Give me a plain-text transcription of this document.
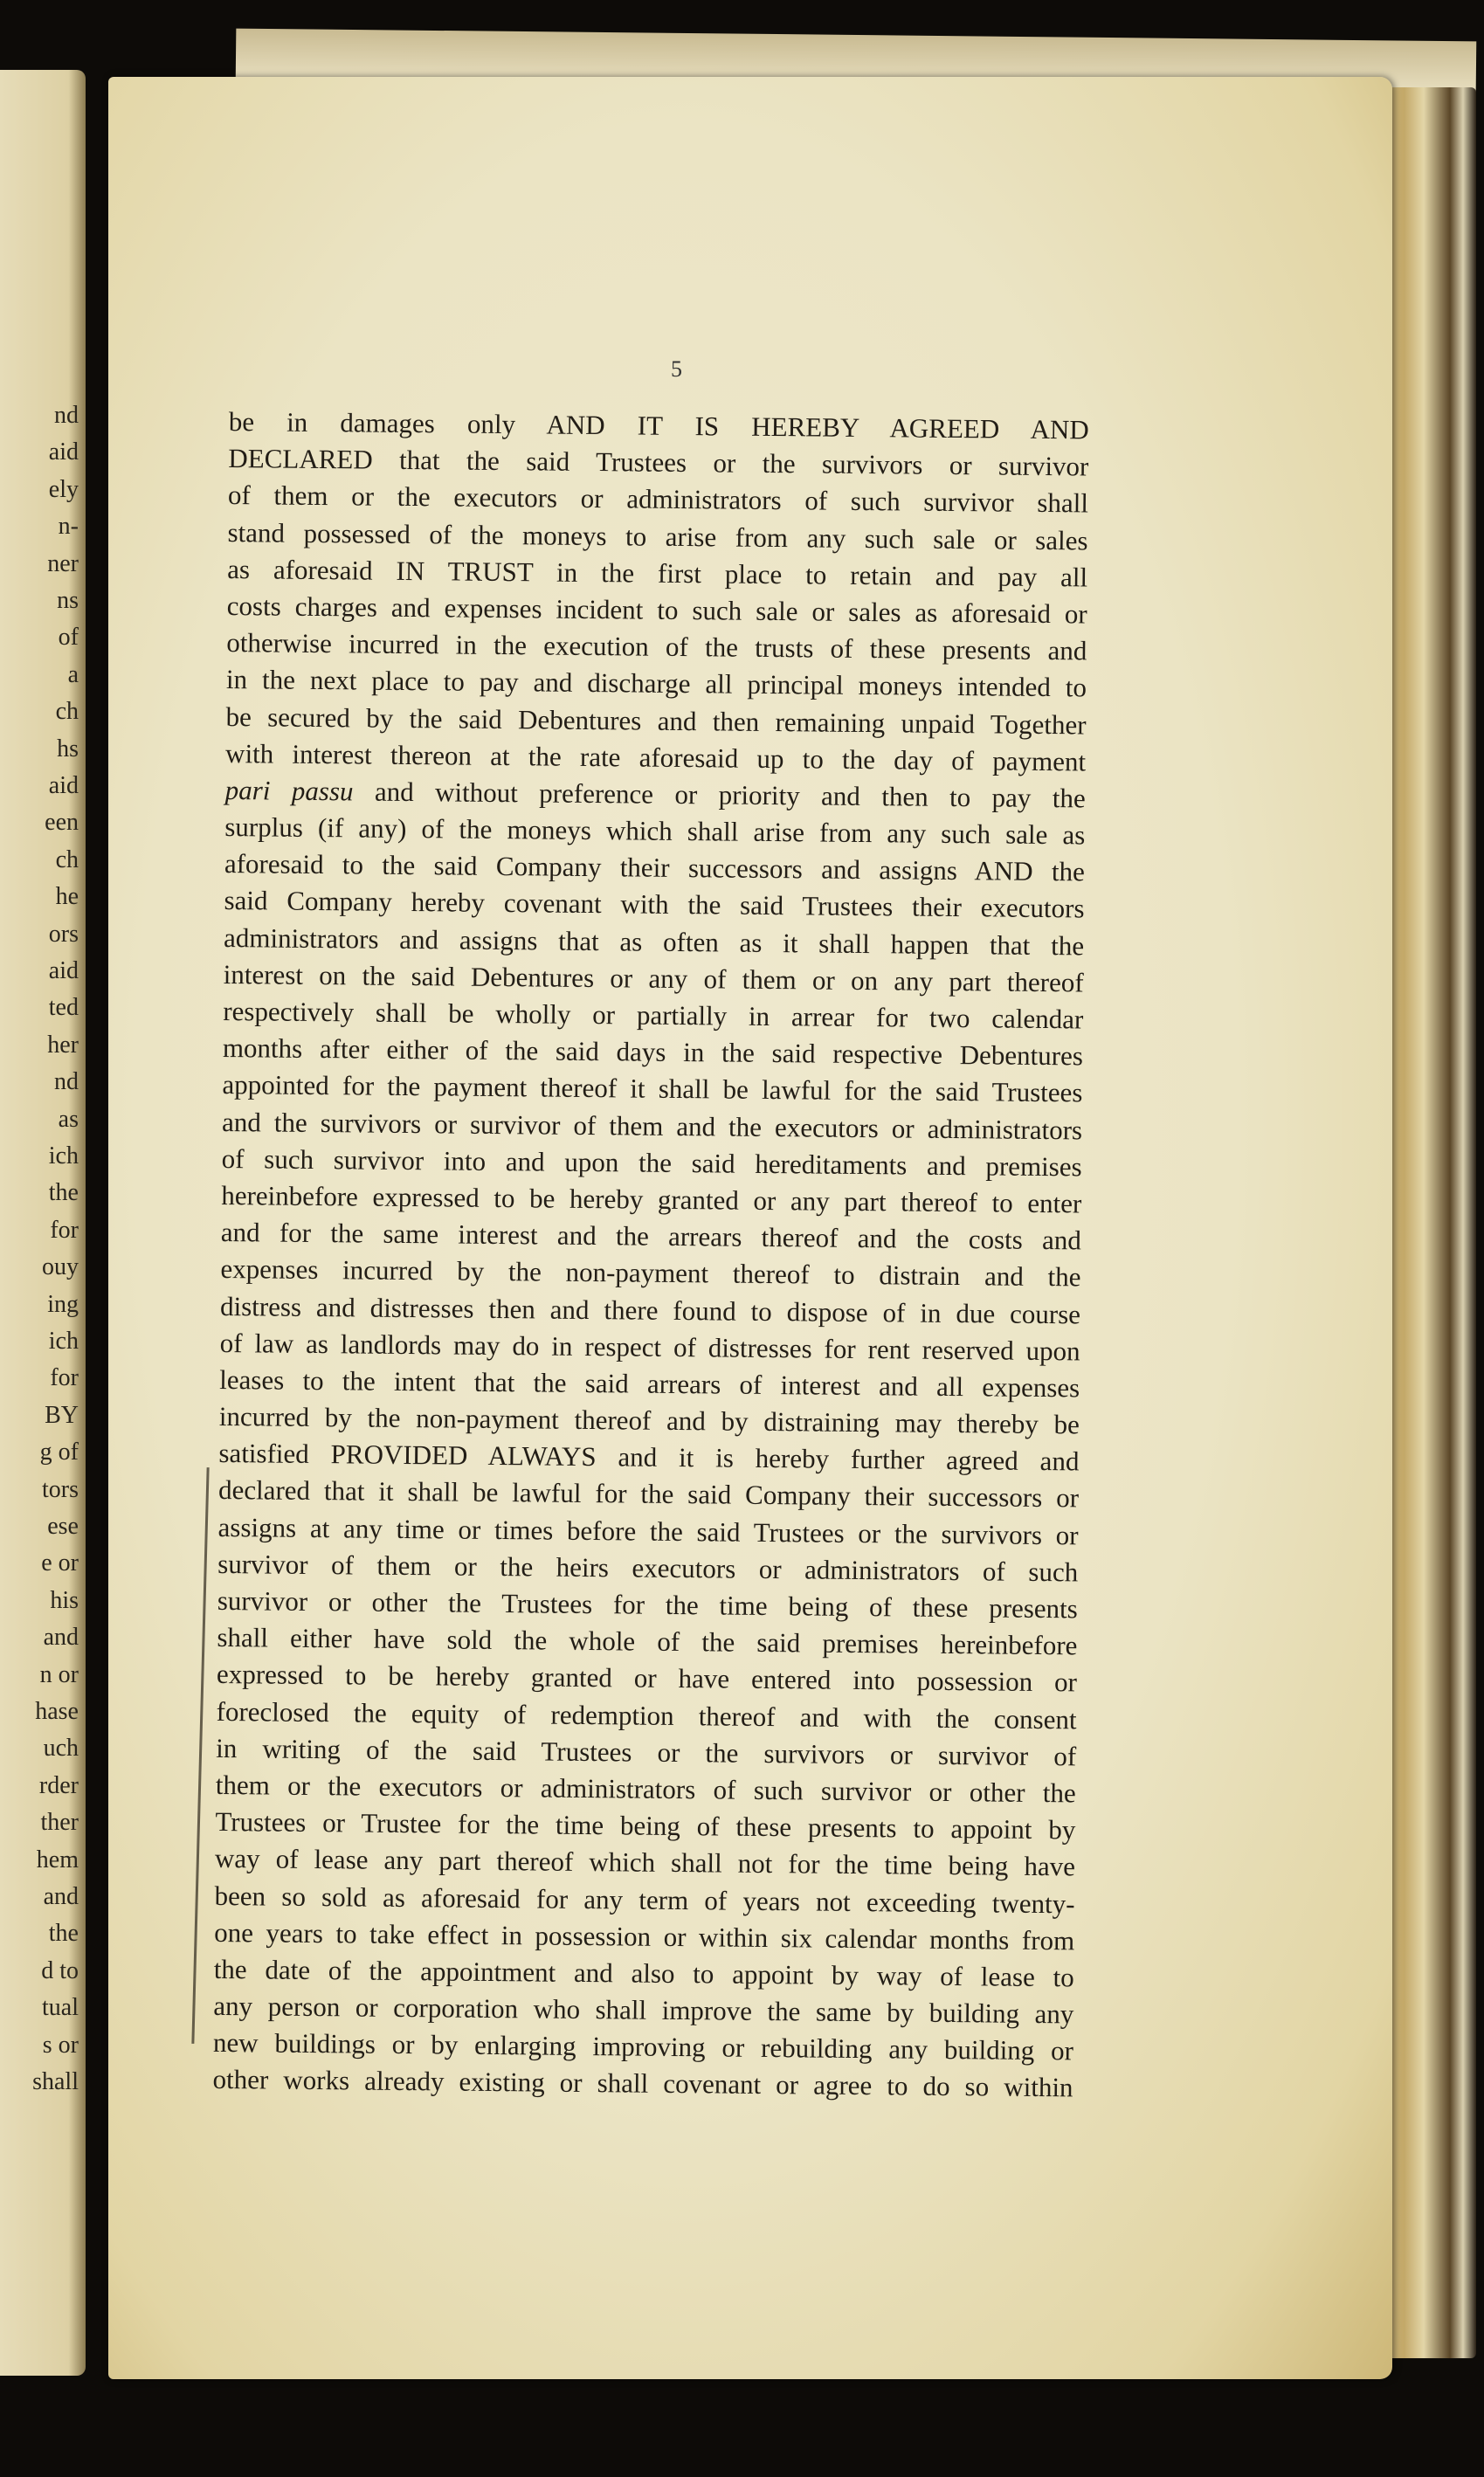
nd
aid
ely
n-
ner
ns
of
a
ch
hs
aid
een
ch
he
ors
aid
ted
her
nd
as
ich
the
for
ouy
ing
ich
for
BY
g of
tors
ese
e or
his
and
n or
hase
uch
rder
ther
hem
and
the
d to
tual
s or
shall
5
be in damages only AND IT IS HEREBY AGREED AND
DECLARED that the said Trustees or the survivors or survivor
of them or the executors or administrators of such survivor shall
stand possessed of the moneys to arise from any such sale or sales
as aforesaid IN TRUST in the first place to retain and pay all
costs charges and expenses incident to such sale or sales as aforesaid or
otherwise incurred in the execution of the trusts of these presents and
in the next place to pay and discharge all principal moneys intended to
be secured by the said Debentures and then remaining unpaid Together
with interest thereon at the rate aforesaid up to the day of payment
pari passu and without preference or priority and then to pay the
surplus (if any) of the moneys which shall arise from any such sale as
aforesaid to the said Company their successors and assigns AND the
said Company hereby covenant with the said Trustees their executors
administrators and assigns that as often as it shall happen that the
interest on the said Debentures or any of them or on any part thereof
respectively shall be wholly or partially in arrear for two calendar
months after either of the said days in the said respective Debentures
appointed for the payment thereof it shall be lawful for the said Trustees
and the survivors or survivor of them and the executors or administrators
of such survivor into and upon the said hereditaments and premises
hereinbefore expressed to be hereby granted or any part thereof to enter
and for the same interest and the arrears thereof and the costs and
expenses incurred by the non-payment thereof to distrain and the
distress and distresses then and there found to dispose of in due course
of law as landlords may do in respect of distresses for rent reserved upon
leases to the intent that the said arrears of interest and all expenses
incurred by the non-payment thereof and by distraining may thereby be
satisfied PROVIDED ALWAYS and it is hereby further agreed and
declared that it shall be lawful for the said Company their successors or
assigns at any time or times before the said Trustees or the survivors or
survivor of them or the heirs executors or administrators of such
survivor or other the Trustees for the time being of these presents
shall either have sold the whole of the said premises hereinbefore
expressed to be hereby granted or have entered into possession or
foreclosed the equity of redemption thereof and with the consent
in writing of the said Trustees or the survivors or survivor of
them or the executors or administrators of such survivor or other the
Trustees or Trustee for the time being of these presents to appoint by
way of lease any part thereof which shall not for the time being have
been so sold as aforesaid for any term of years not exceeding twenty-
one years to take effect in possession or within six calendar months from
the date of the appointment and also to appoint by way of lease to
any person or corporation who shall improve the same by building any
new buildings or by enlarging improving or rebuilding any building or
other works already existing or shall covenant or agree to do so within
